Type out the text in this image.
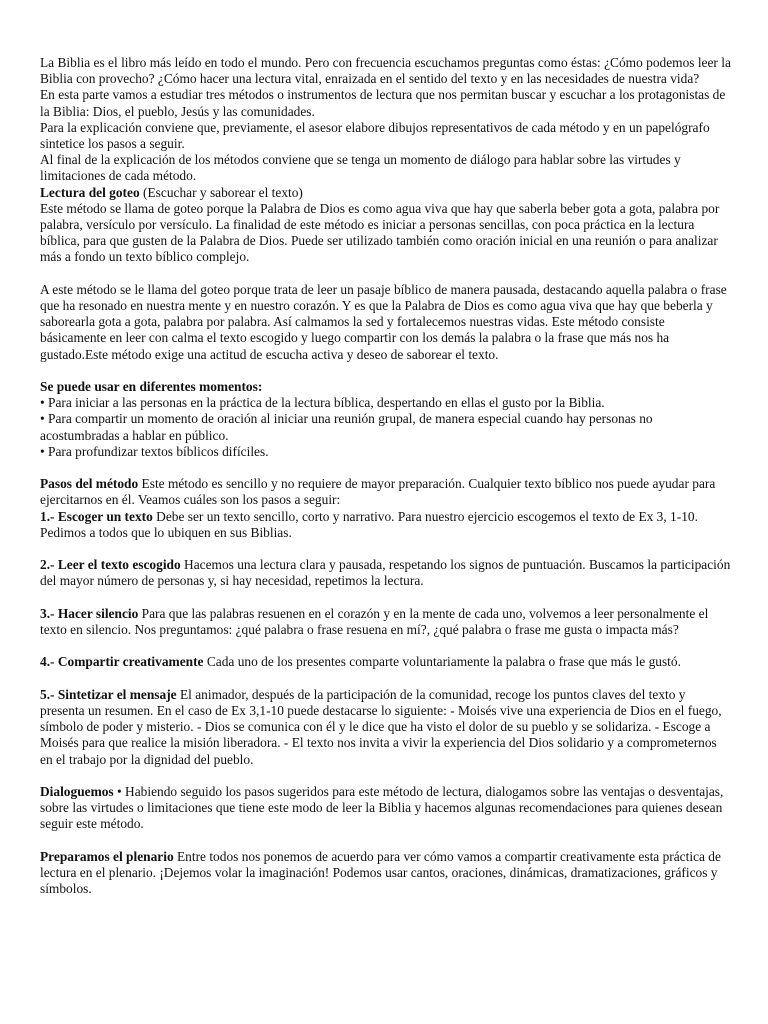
La Biblia es el libro más leído en todo el mundo. Pero con frecuencia escuchamos preguntas como éstas: ¿Cómo podemos leer la Biblia con provecho? ¿Cómo hacer una lectura vital, enraizada en el sentido del texto y en las necesidades de nuestra vida?

En esta parte vamos a estudiar tres métodos o instrumentos de lectura que nos permitan buscar y escuchar a los protagonistas de la Biblia: Dios, el pueblo, Jesús y las comunidades.

Para la explicación conviene que, previamente, el asesor elabore dibujos representativos de cada método y en un papelógrafo sintetice los pasos a seguir.

Al final de la explicación de los métodos conviene que se tenga un momento de diálogo para hablar sobre las virtudes y limitaciones de cada método.

Lectura del goteo (Escuchar y saborear el texto)

Este método se llama de goteo porque la Palabra de Dios es como agua viva que hay que saberla beber gota a gota, palabra por palabra, versículo por versículo. La finalidad de este método es iniciar a personas sencillas, con poca práctica en la lectura bíblica, para que gusten de la Palabra de Dios. Puede ser utilizado también como oración inicial en una reunión o para analizar más a fondo un texto bíblico complejo.

A este método se le llama del goteo porque trata de leer un pasaje bíblico de manera pausada, destacando aquella palabra o frase que ha resonado en nuestra mente y en nuestro corazón. Y es que la Palabra de Dios es como agua viva que hay que beberla y saborearla gota a gota, palabra por palabra. Así calmamos la sed y fortalecemos nuestras vidas. Este método consiste básicamente en leer con calma el texto escogido y luego compartir con los demás la palabra o la frase que más nos ha gustado.Este método exige una actitud de escucha activa y deseo de saborear el texto.

Se puede usar en diferentes momentos:

• Para iniciar a las personas en la práctica de la lectura bíblica, despertando en ellas el gusto por la Biblia.
• Para compartir un momento de oración al iniciar una reunión grupal, de manera especial cuando hay personas no acostumbradas a hablar en público.
• Para profundizar textos bíblicos difíciles.

Pasos del método Este método es sencillo y no requiere de mayor preparación. Cualquier texto bíblico nos puede ayudar para ejercitarnos en él. Veamos cuáles son los pasos a seguir:

1.- Escoger un texto Debe ser un texto sencillo, corto y narrativo. Para nuestro ejercicio escogemos el texto de Ex 3, 1-10. Pedimos a todos que lo ubiquen en sus Biblias.

2.- Leer el texto escogido Hacemos una lectura clara y pausada, respetando los signos de puntuación. Buscamos la participación del mayor número de personas y, si hay necesidad, repetimos la lectura.

3.- Hacer silencio Para que las palabras resuenen en el corazón y en la mente de cada uno, volvemos a leer personalmente el texto en silencio. Nos preguntamos: ¿qué palabra o frase resuena en mí?, ¿qué palabra o frase me gusta o impacta más?

4.- Compartir creativamente Cada uno de los presentes comparte voluntariamente la palabra o frase que más le gustó.

5.- Sintetizar el mensaje El animador, después de la participación de la comunidad, recoge los puntos claves del texto y presenta un resumen. En el caso de Ex 3,1-10 puede destacarse lo siguiente: - Moisés vive una experiencia de Dios en el fuego, símbolo de poder y misterio. - Dios se comunica con él y le dice que ha visto el dolor de su pueblo y se solidariza. - Escoge a Moisés para que realice la misión liberadora. - El texto nos invita a vivir la experiencia del Dios solidario y a comprometernos en el trabajo por la dignidad del pueblo.

Dialoguemos • Habiendo seguido los pasos sugeridos para este método de lectura, dialogamos sobre las ventajas o desventajas, sobre las virtudes o limitaciones que tiene este modo de leer la Biblia y hacemos algunas recomendaciones para quienes desean seguir este método.

Preparamos el plenario Entre todos nos ponemos de acuerdo para ver cómo vamos a compartir creativamente esta práctica de lectura en el plenario. ¡Dejemos volar la imaginación! Podemos usar cantos, oraciones, dinámicas, dramatizaciones, gráficos y símbolos.
